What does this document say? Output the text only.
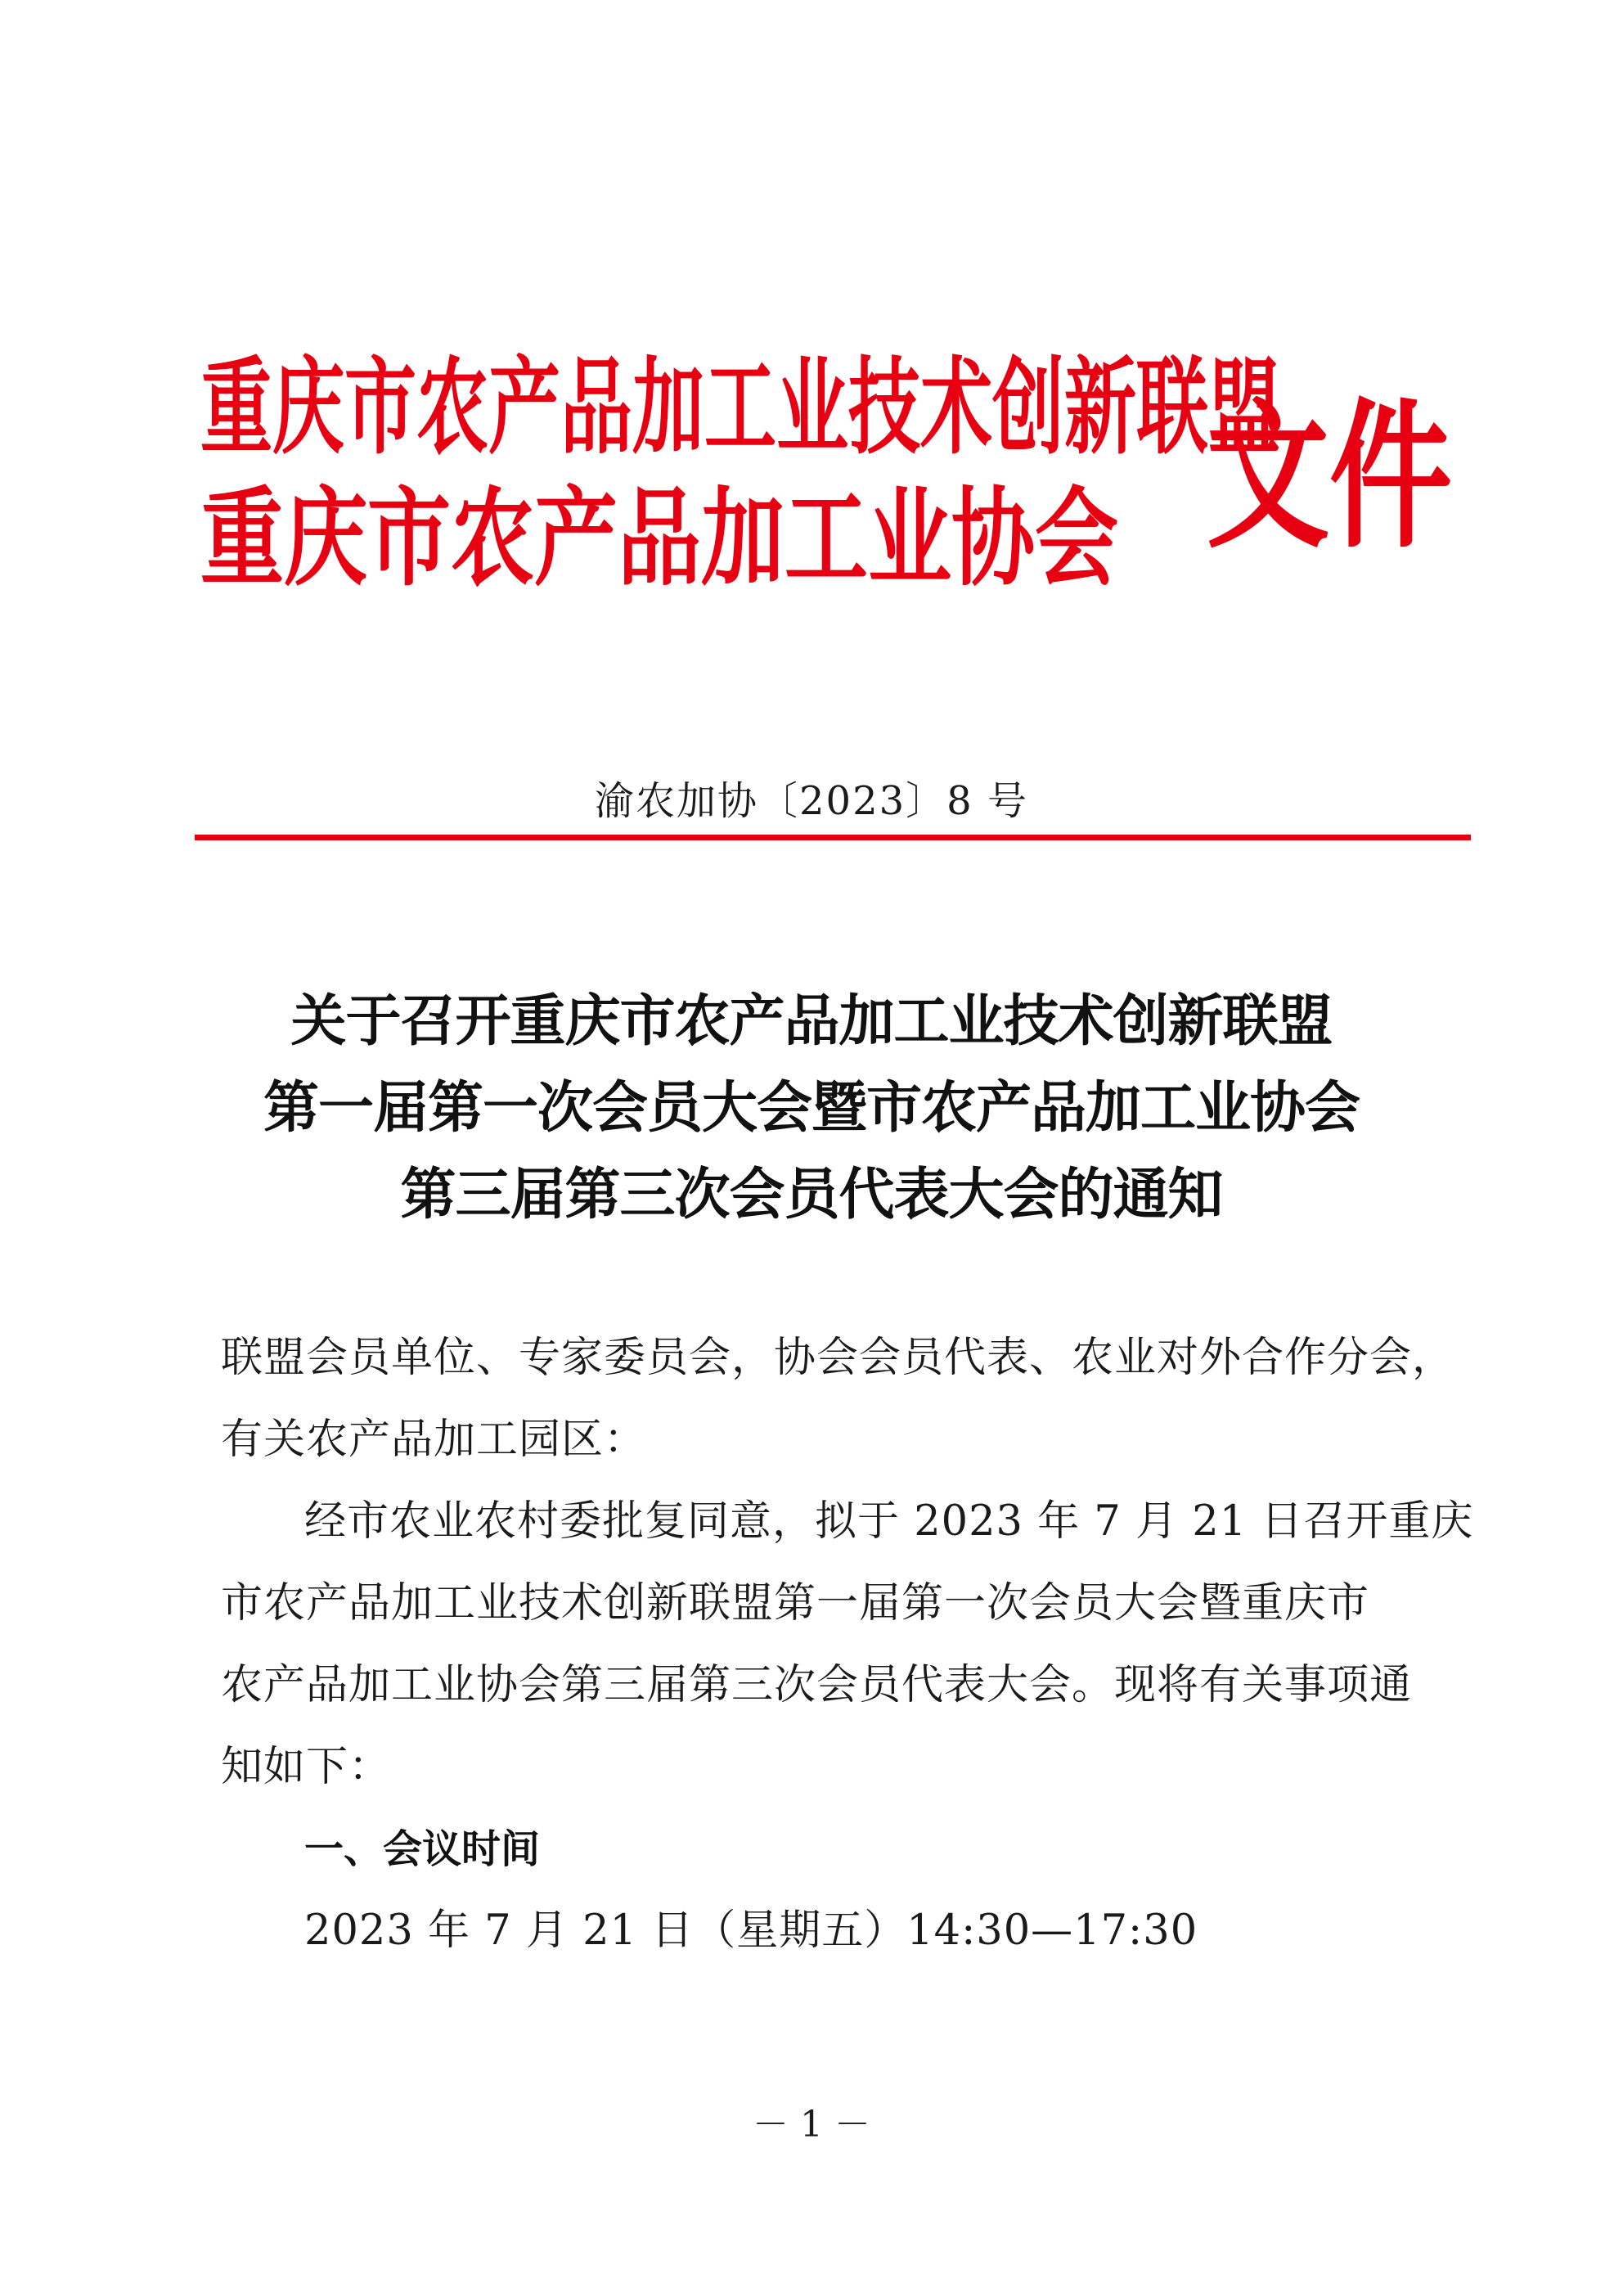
重庆市农产品加工业技术创新联盟
重庆市农产品加工业协会 文件
渝农加协〔2023〕8 号
关于召开重庆市农产品加工业技术创新联盟
第一届第一次会员大会暨市农产品加工业协会
第三届第三次会员代表大会的通知
联盟会员单位、专家委员会，协会会员代表、农业对外合作分会，
有关农产品加工园区：
经市农业农村委批复同意，拟于 2023 年 7 月 21 日召开重庆
市农产品加工业技术创新联盟第一届第一次会员大会暨重庆市
农产品加工业协会第三届第三次会员代表大会。现将有关事项通
知如下：
一、会议时间
2023 年 7 月 21 日（星期五）14:30—17:30
－ 1 －
